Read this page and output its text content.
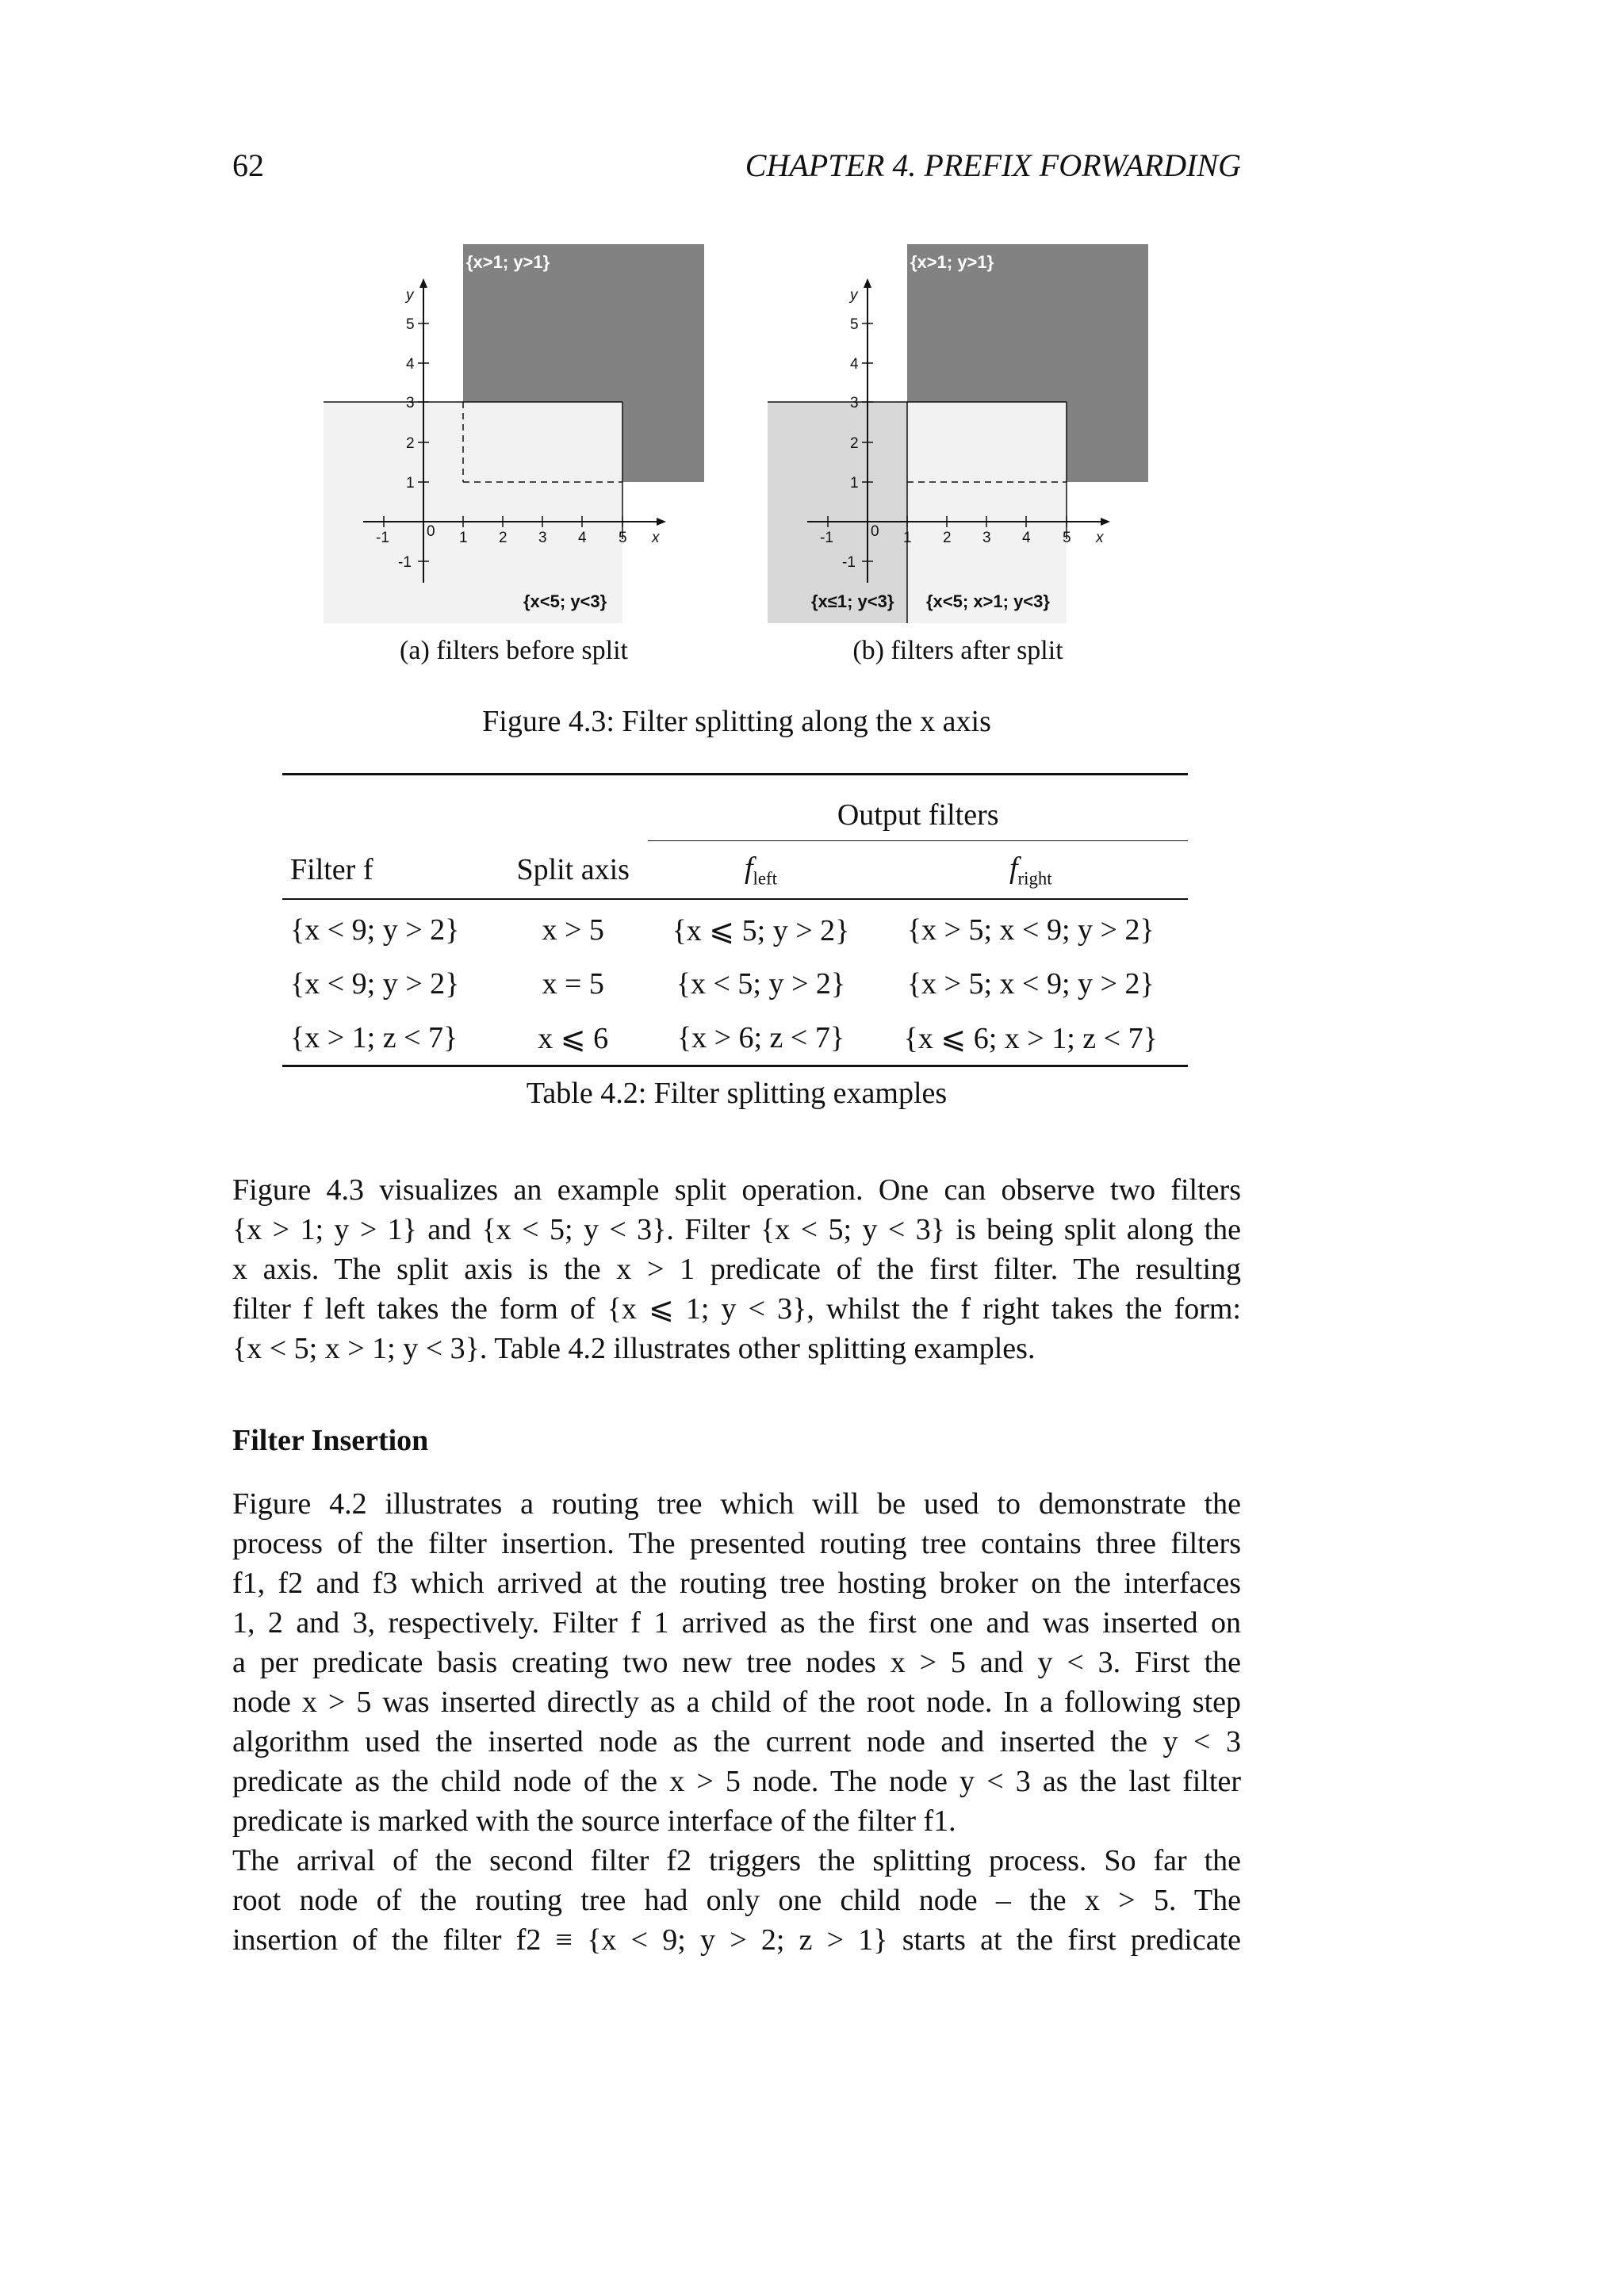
62	CHAPTER 4. PREFIX FORWARDING
-1 0 1 2 3 4 5 x
-1
1
2
3
4
5
y
{x>1; y>1}
{x<5; y<3}
-1 0 1 2 3 4 5 x
-1
1
2
3
4
5
y
{x>1; y>1}
{x≤1; y<3} {x<5; x>1; y<3}
(a) filters before split	(b) filters after split
Figure 4.3: Filter splitting along the x axis
		Output filters	
Filter f	Split axis	$f_{left}$	$f_{right}$
{x < 9; y > 2}	x > 5	{x ⩽ 5; y > 2}	{x > 5; x < 9; y > 2}
{x < 9; y > 2}	x = 5	{x < 5; y > 2}	{x > 5; x < 9; y > 2}
{x > 1; z < 7}	x ⩽ 6	{x > 6; z < 7}	{x ⩽ 6; x > 1; z < 7}
Table 4.2: Filter splitting examples

Figure 4.3 visualizes an example split operation. One can observe two filters

{x > 1; y > 1} and {x < 5; y < 3}. Filter {x < 5; y < 3} is being split along the

x axis. The split axis is the x > 1 predicate of the first filter. The resulting

filter f left takes the form of {x ⩽ 1; y < 3}, whilst the f right takes the form:

{x < 5; x > 1; y < 3}. Table 4.2 illustrates other splitting examples.

Filter Insertion

Figure 4.2 illustrates a routing tree which will be used to demonstrate the

process of the filter insertion. The presented routing tree contains three filters

f1, f2 and f3 which arrived at the routing tree hosting broker on the interfaces

1, 2 and 3, respectively. Filter f 1 arrived as the first one and was inserted on

a per predicate basis creating two new tree nodes x > 5 and y < 3. First the

node x > 5 was inserted directly as a child of the root node. In a following step

algorithm used the inserted node as the current node and inserted the y < 3

predicate as the child node of the x > 5 node. The node y < 3 as the last filter

predicate is marked with the source interface of the filter f1.

The arrival of the second filter f2 triggers the splitting process. So far the

root node of the routing tree had only one child node – the x > 5. The

insertion of the filter f2 ≡ {x < 9; y > 2; z > 1} starts at the first predicate
